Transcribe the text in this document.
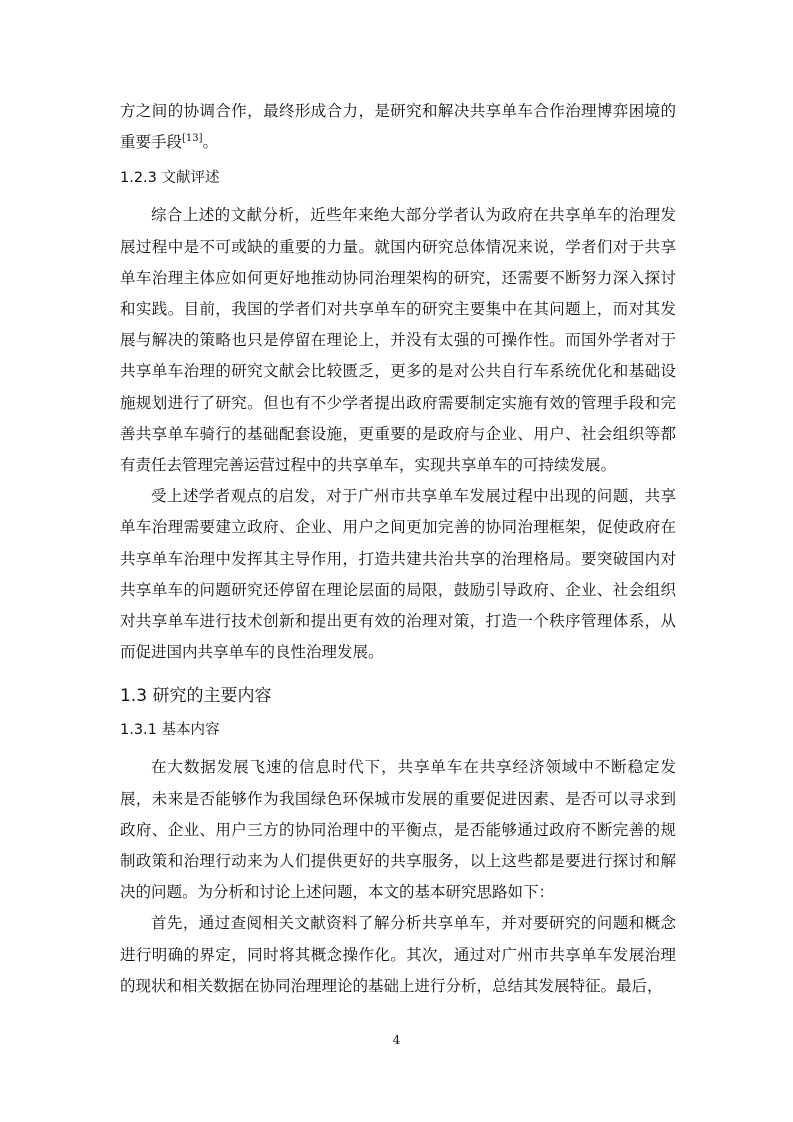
方之间的协调合作，最终形成合力，是研究和解决共享单车合作治理博弈困境的重要手段[13]。

1.2.3 文献评述

综合上述的文献分析，近些年来绝大部分学者认为政府在共享单车的治理发展过程中是不可或缺的重要的力量。就国内研究总体情况来说，学者们对于共享单车治理主体应如何更好地推动协同治理架构的研究，还需要不断努力深入探讨和实践。目前，我国的学者们对共享单车的研究主要集中在其问题上，而对其发展与解决的策略也只是停留在理论上，并没有太强的可操作性。而国外学者对于共享单车治理的研究文献会比较匮乏，更多的是对公共自行车系统优化和基础设施规划进行了研究。但也有不少学者提出政府需要制定实施有效的管理手段和完善共享单车骑行的基础配套设施，更重要的是政府与企业、用户、社会组织等都有责任去管理完善运营过程中的共享单车，实现共享单车的可持续发展。

受上述学者观点的启发，对于广州市共享单车发展过程中出现的问题，共享单车治理需要建立政府、企业、用户之间更加完善的协同治理框架，促使政府在共享单车治理中发挥其主导作用，打造共建共治共享的治理格局。要突破国内对共享单车的问题研究还停留在理论层面的局限，鼓励引导政府、企业、社会组织对共享单车进行技术创新和提出更有效的治理对策，打造一个秩序管理体系，从而促进国内共享单车的良性治理发展。

1.3 研究的主要内容
1.3.1 基本内容

在大数据发展飞速的信息时代下，共享单车在共享经济领域中不断稳定发展，未来是否能够作为我国绿色环保城市发展的重要促进因素、是否可以寻求到政府、企业、用户三方的协同治理中的平衡点，是否能够通过政府不断完善的规制政策和治理行动来为人们提供更好的共享服务，以上这些都是要进行探讨和解决的问题。为分析和讨论上述问题，本文的基本研究思路如下：

首先，通过查阅相关文献资料了解分析共享单车，并对要研究的问题和概念进行明确的界定，同时将其概念操作化。其次，通过对广州市共享单车发展治理的现状和相关数据在协同治理理论的基础上进行分析，总结其发展特征。最后，

4
